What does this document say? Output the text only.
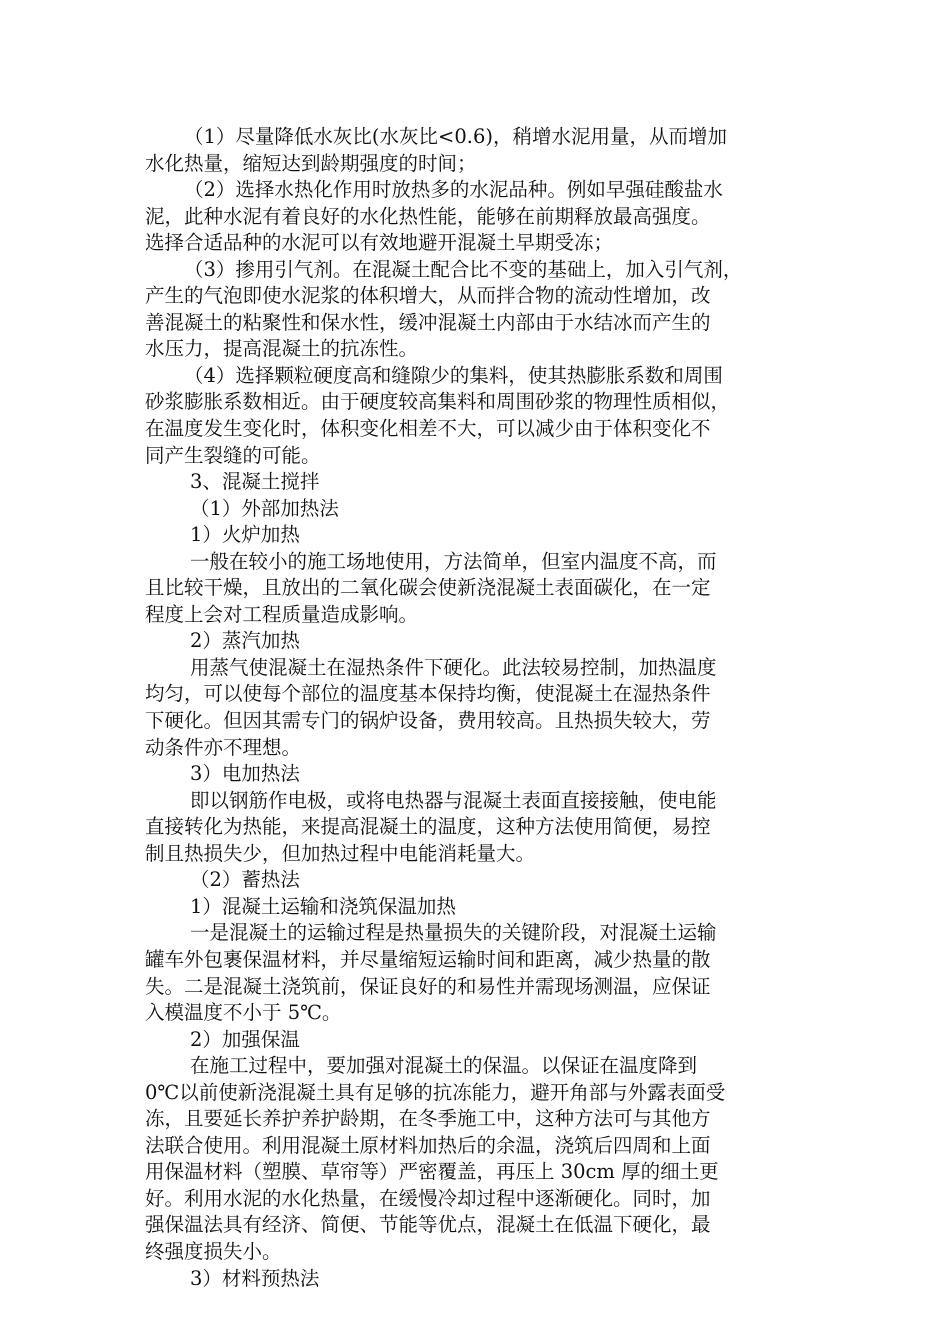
（1）尽量降低水灰比(水灰比<0.6)，稍增水泥用量，从而增加
水化热量，缩短达到龄期强度的时间；
（2）选择水热化作用时放热多的水泥品种。例如早强硅酸盐水
泥，此种水泥有着良好的水化热性能，能够在前期释放最高强度。
选择合适品种的水泥可以有效地避开混凝土早期受冻；
（3）掺用引气剂。在混凝土配合比不变的基础上，加入引气剂，
产生的气泡即使水泥浆的体积增大，从而拌合物的流动性增加，改
善混凝土的粘聚性和保水性，缓冲混凝土内部由于水结冰而产生的
水压力，提高混凝土的抗冻性。
（4）选择颗粒硬度高和缝隙少的集料，使其热膨胀系数和周围
砂浆膨胀系数相近。由于硬度较高集料和周围砂浆的物理性质相似，
在温度发生变化时，体积变化相差不大，可以减少由于体积变化不
同产生裂缝的可能。
3、混凝土搅拌
（1）外部加热法
1）火炉加热
一般在较小的施工场地使用，方法简单，但室内温度不高，而
且比较干燥，且放出的二氧化碳会使新浇混凝土表面碳化，在一定
程度上会对工程质量造成影响。
2）蒸汽加热
用蒸气使混凝土在湿热条件下硬化。此法较易控制，加热温度
均匀，可以使每个部位的温度基本保持均衡，使混凝土在湿热条件
下硬化。但因其需专门的锅炉设备，费用较高。且热损失较大，劳
动条件亦不理想。
3）电加热法
即以钢筋作电极，或将电热器与混凝土表面直接接触，使电能
直接转化为热能，来提高混凝土的温度，这种方法使用简便，易控
制且热损失少，但加热过程中电能消耗量大。
（2）蓄热法
1）混凝土运输和浇筑保温加热
一是混凝土的运输过程是热量损失的关键阶段，对混凝土运输
罐车外包裹保温材料，并尽量缩短运输时间和距离，减少热量的散
失。二是混凝土浇筑前，保证良好的和易性并需现场测温，应保证
入模温度不小于 5℃。
2）加强保温
在施工过程中，要加强对混凝土的保温。以保证在温度降到
0℃以前使新浇混凝土具有足够的抗冻能力，避开角部与外露表面受
冻，且要延长养护养护龄期，在冬季施工中，这种方法可与其他方
法联合使用。利用混凝土原材料加热后的余温，浇筑后四周和上面
用保温材料（塑膜、草帘等）严密覆盖，再压上 30cm 厚的细土更
好。利用水泥的水化热量，在缓慢冷却过程中逐渐硬化。同时，加
强保温法具有经济、简便、节能等优点，混凝土在低温下硬化，最
终强度损失小。
3）材料预热法
